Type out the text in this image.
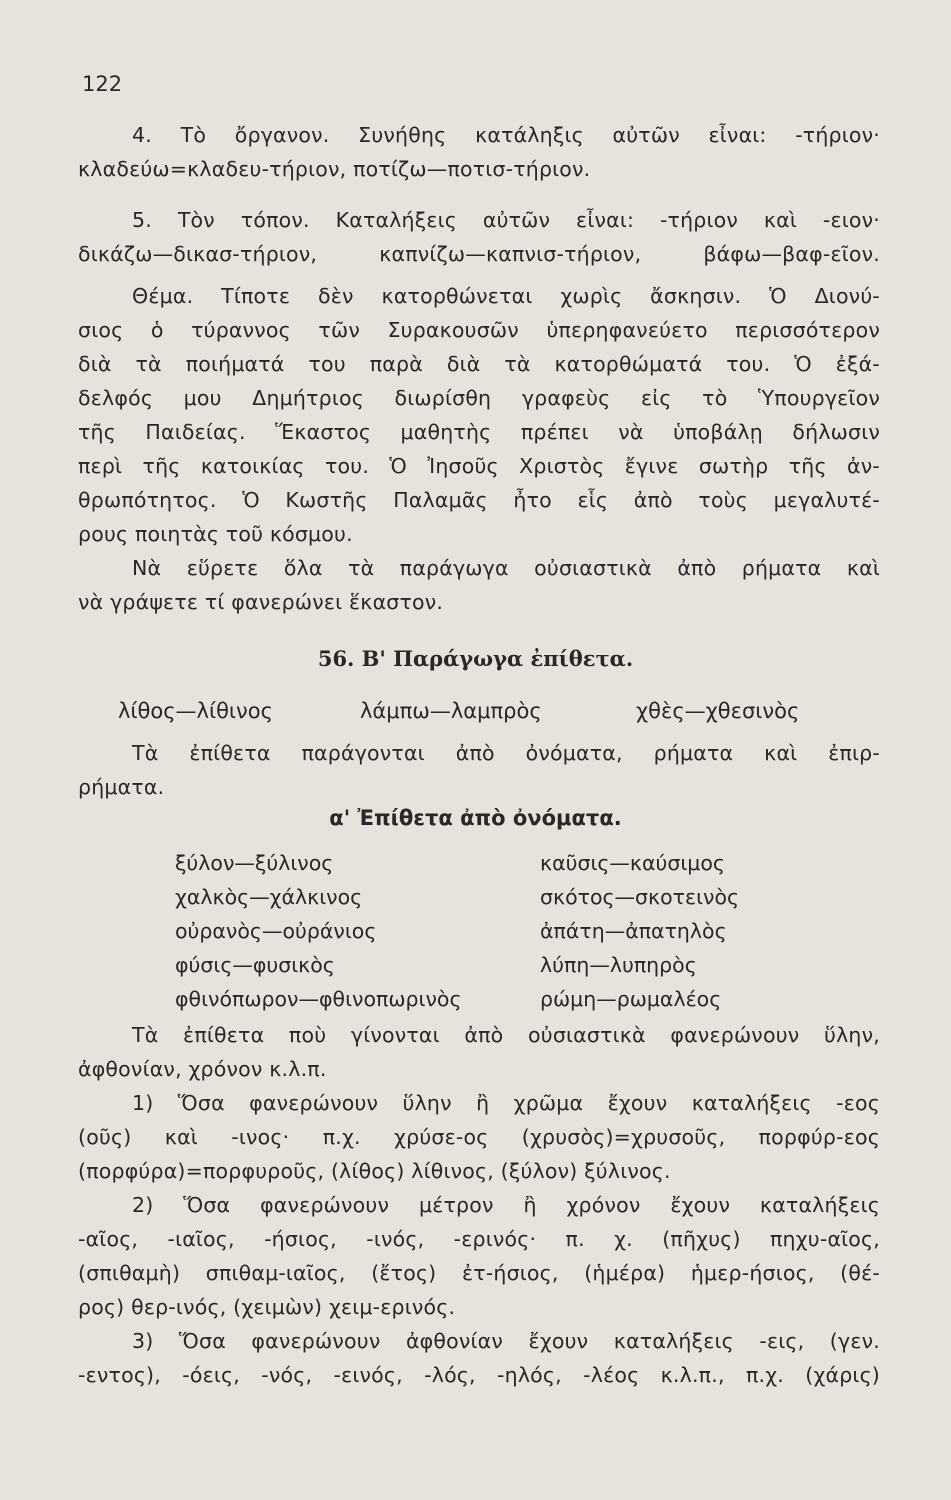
122
4. Τὸ ὄργανον. Συνήθης κατάληξις αὐτῶν εἶναι: -τήριον·
κλαδεύω=κλαδευ-τήριον, ποτίζω—ποτισ-τήριον.
5. Τὸν τόπον. Καταλήξεις αὐτῶν εἶναι: -τήριον καὶ -ειον·
δικάζω—δικασ-τήριον, καπνίζω—καπνισ-τήριον, βάφω—βαφ-εῖον.
Θέμα. Τίποτε δὲν κατορθώνεται χωρὶς ἄσκησιν. Ὁ Διονύ-
σιος ὁ τύραννος τῶν Συρακουσῶν ὑπερηφανεύετο περισσότερον
διὰ τὰ ποιήματά του παρὰ διὰ τὰ κατορθώματά του. Ὁ ἐξά-
δελφός μου Δημήτριος διωρίσθη γραφεὺς εἰς τὸ Ὑπουργεῖον
τῆς Παιδείας. Ἕκαστος μαθητὴς πρέπει νὰ ὑποβάλῃ δήλωσιν
περὶ τῆς κατοικίας του. Ὁ Ἰησοῦς Χριστὸς ἔγινε σωτὴρ τῆς ἀν-
θρωπότητος. Ὁ Κωστῆς Παλαμᾶς ἦτο εἷς ἀπὸ τοὺς μεγαλυτέ-
ρους ποιητὰς τοῦ κόσμου.
Νὰ εὕρετε ὅλα τὰ παράγωγα οὐσιαστικὰ ἀπὸ ρήματα καὶ
νὰ γράψετε τί φανερώνει ἕκαστον.
56. Β' Παράγωγα ἐπίθετα.
λίθος—λίθινος	λάμπω—λαμπρὸς	χθὲς—χθεσινὸς
Τὰ ἐπίθετα παράγονται ἀπὸ ὀνόματα, ρήματα καὶ ἐπιρ-
ρήματα.
α' Ἐπίθετα ἀπὸ ὀνόματα.
ξύλον—ξύλινος
χαλκὸς—χάλκινος
οὐρανὸς—οὐράνιος
φύσις—φυσικὸς
φθινόπωρον—φθινοπωρινὸς
καῦσις—καύσιμος
σκότος—σκοτεινὸς
ἀπάτη—ἀπατηλὸς
λύπη—λυπηρὸς
ρώμη—ρωμαλέος
Τὰ ἐπίθετα ποὺ γίνονται ἀπὸ οὐσιαστικὰ φανερώνουν ὕλην,
ἀφθονίαν, χρόνον κ.λ.π.
1) Ὅσα φανερώνουν ὕλην ἢ χρῶμα ἔχουν καταλήξεις -εος
(οῦς) καὶ -ινος· π.χ. χρύσε-ος (χρυσὸς)=χρυσοῦς, πορφύρ-εος
(πορφύρα)=πορφυροῦς, (λίθος) λίθινος, (ξύλον) ξύλινος.
2) Ὅσα φανερώνουν μέτρον ἢ χρόνον ἔχουν καταλήξεις
-αῖος, -ιαῖος, -ήσιος, -ινός, -ερινός· π. χ. (πῆχυς) πηχυ-αῖος,
(σπιθαμὴ) σπιθαμ-ιαῖος, (ἔτος) ἐτ-ήσιος, (ἡμέρα) ἡμερ-ήσιος, (θέ-
ρος) θερ-ινός, (χειμὼν) χειμ-ερινός.
3) Ὅσα φανερώνουν ἀφθονίαν ἔχουν καταλήξεις -εις, (γεν.
-εντος), -όεις, -νός, -εινός, -λός, -ηλός, -λέος κ.λ.π., π.χ. (χάρις)
